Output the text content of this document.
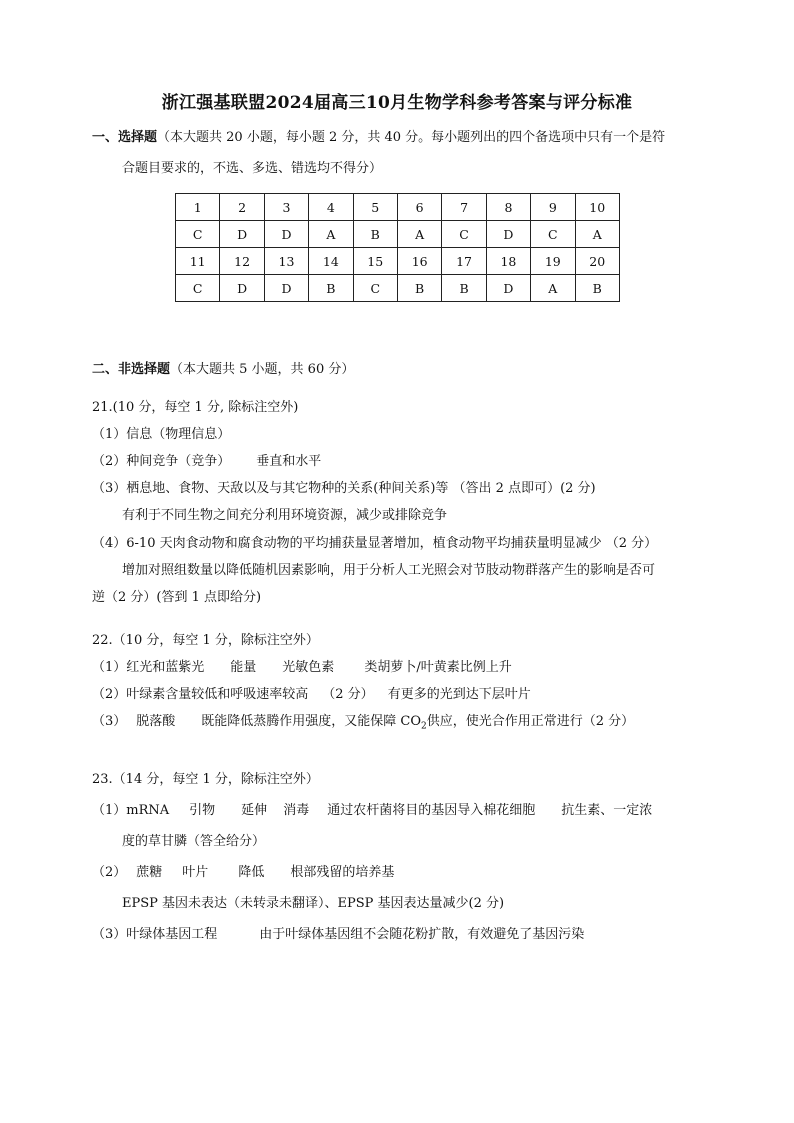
浙江强基联盟2024届高三10月生物学科参考答案与评分标准
一、选择题（本大题共 20 小题，每小题 2 分，共 40 分。每小题列出的四个备选项中只有一个是符
合题目要求的，不选、多选、错选均不得分）
1	2	3	4	5	6	7	8	9	10
C	D	D	A	B	A	C	D	C	A
11	12	13	14	15	16	17	18	19	20
C	D	D	B	C	B	B	D	A	B
二、非选择题（本大题共 5 小题，共 60 分）
21.(10 分，每空 1 分, 除标注空外)
（1）信息（物理信息）
（2）种间竞争（竞争） 垂直和水平
（3）栖息地、食物、天敌以及与其它物种的关系(种间关系)等 （答出 2 点即可）(2 分)
有利于不同生物之间充分利用环境资源，减少或排除竞争
（4）6-10 天肉食动物和腐食动物的平均捕获量显著增加，植食动物平均捕获量明显减少 （2 分）
增加对照组数量以降低随机因素影响，用于分析人工光照会对节肢动物群落产生的影响是否可
逆（2 分）(答到 1 点即给分)
22.（10 分，每空 1 分，除标注空外）
（1）红光和蓝紫光 能量 光敏色素 类胡萝卜/叶黄素比例上升
（2）叶绿素含量较低和呼吸速率较高 （2 分） 有更多的光到达下层叶片
（3） 脱落酸 既能降低蒸腾作用强度，又能保障 $CO_2$供应，使光合作用正常进行（2 分）
23.（14 分，每空 1 分，除标注空外）
（1）mRNA 引物 延伸 消毒 通过农杆菌将目的基因导入棉花细胞 抗生素、一定浓
度的草甘膦（答全给分）
（2） 蔗糖 叶片 降低 根部残留的培养基
EPSP 基因未表达（未转录未翻译）、EPSP 基因表达量减少(2 分)
（3）叶绿体基因工程	由于叶绿体基因组不会随花粉扩散，有效避免了基因污染
